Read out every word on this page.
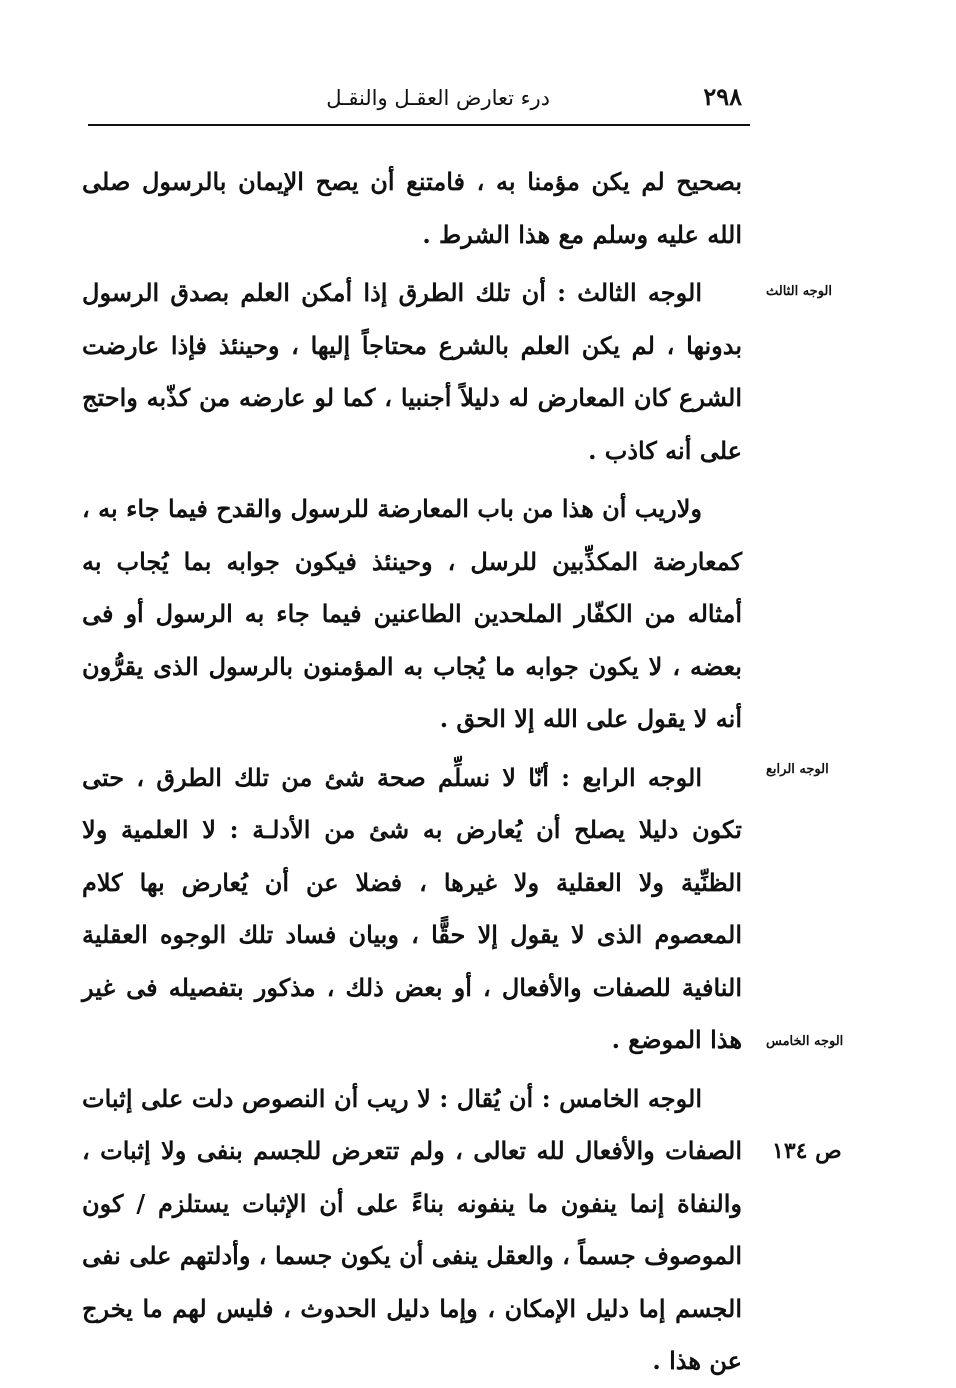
٢٩٨
درء تعارض العقـل والنقـل
الوجه الثالث
الوجه الرابع
الوجه الخامس
ص ١٣٤

بصحيح لم يكن مؤمنا به ، فامتنع أن يصح الإيمان بالرسول صلى الله عليه وسلم مع هذا الشرط .

الوجه الثالث : أن تلك الطرق إذا أمكن العلم بصدق الرسول بدونها ، لم يكن العلم بالشرع محتاجاً إليها ، وحينئذ فإذا عارضت الشرع كان المعارض له دليلاً أجنبيا ، كما لو عارضه من كذّبه واحتج على أنه كاذب .

ولاريب أن هذا من باب المعارضة للرسول والقدح فيما جاء به ، كمعارضة المكذِّبين للرسل ، وحينئذ فيكون جوابه بما يُجاب به أمثاله من الكفّار الملحدين الطاعنين فيما جاء به الرسول أو فى بعضه ، لا يكون جوابه ما يُجاب به المؤمنون بالرسول الذى يقرُّون أنه لا يقول على الله إلا الحق .

الوجه الرابع : أنّا لا نسلِّم صحة شئ من تلك الطرق ، حتى تكون دليلا يصلح أن يُعارض به شئ من الأدلـة : لا العلمية ولا الظنِّية ولا العقلية ولا غيرها ، فضلا عن أن يُعارض بها كلام المعصوم الذى لا يقول إلا حقًّا ، وبيان فساد تلك الوجوه العقلية النافية للصفات والأفعال ، أو بعض ذلك ، مذكور بتفصيله فى غير هذا الموضع .

الوجه الخامس : أن يُقال : لا ريب أن النصوص دلت على إثبات الصفات والأفعال لله تعالى ، ولم تتعرض للجسم بنفى ولا إثبات ، والنفاة إنما ينفون ما ينفونه بناءً على أن الإثبات يستلزم / كون الموصوف جسماً ، والعقل ينفى أن يكون جسما ، وأدلتهم على نفى الجسم إما دليل الإمكان ، وإما دليل الحدوث ، فليس لهم ما يخرج عن هذا .
